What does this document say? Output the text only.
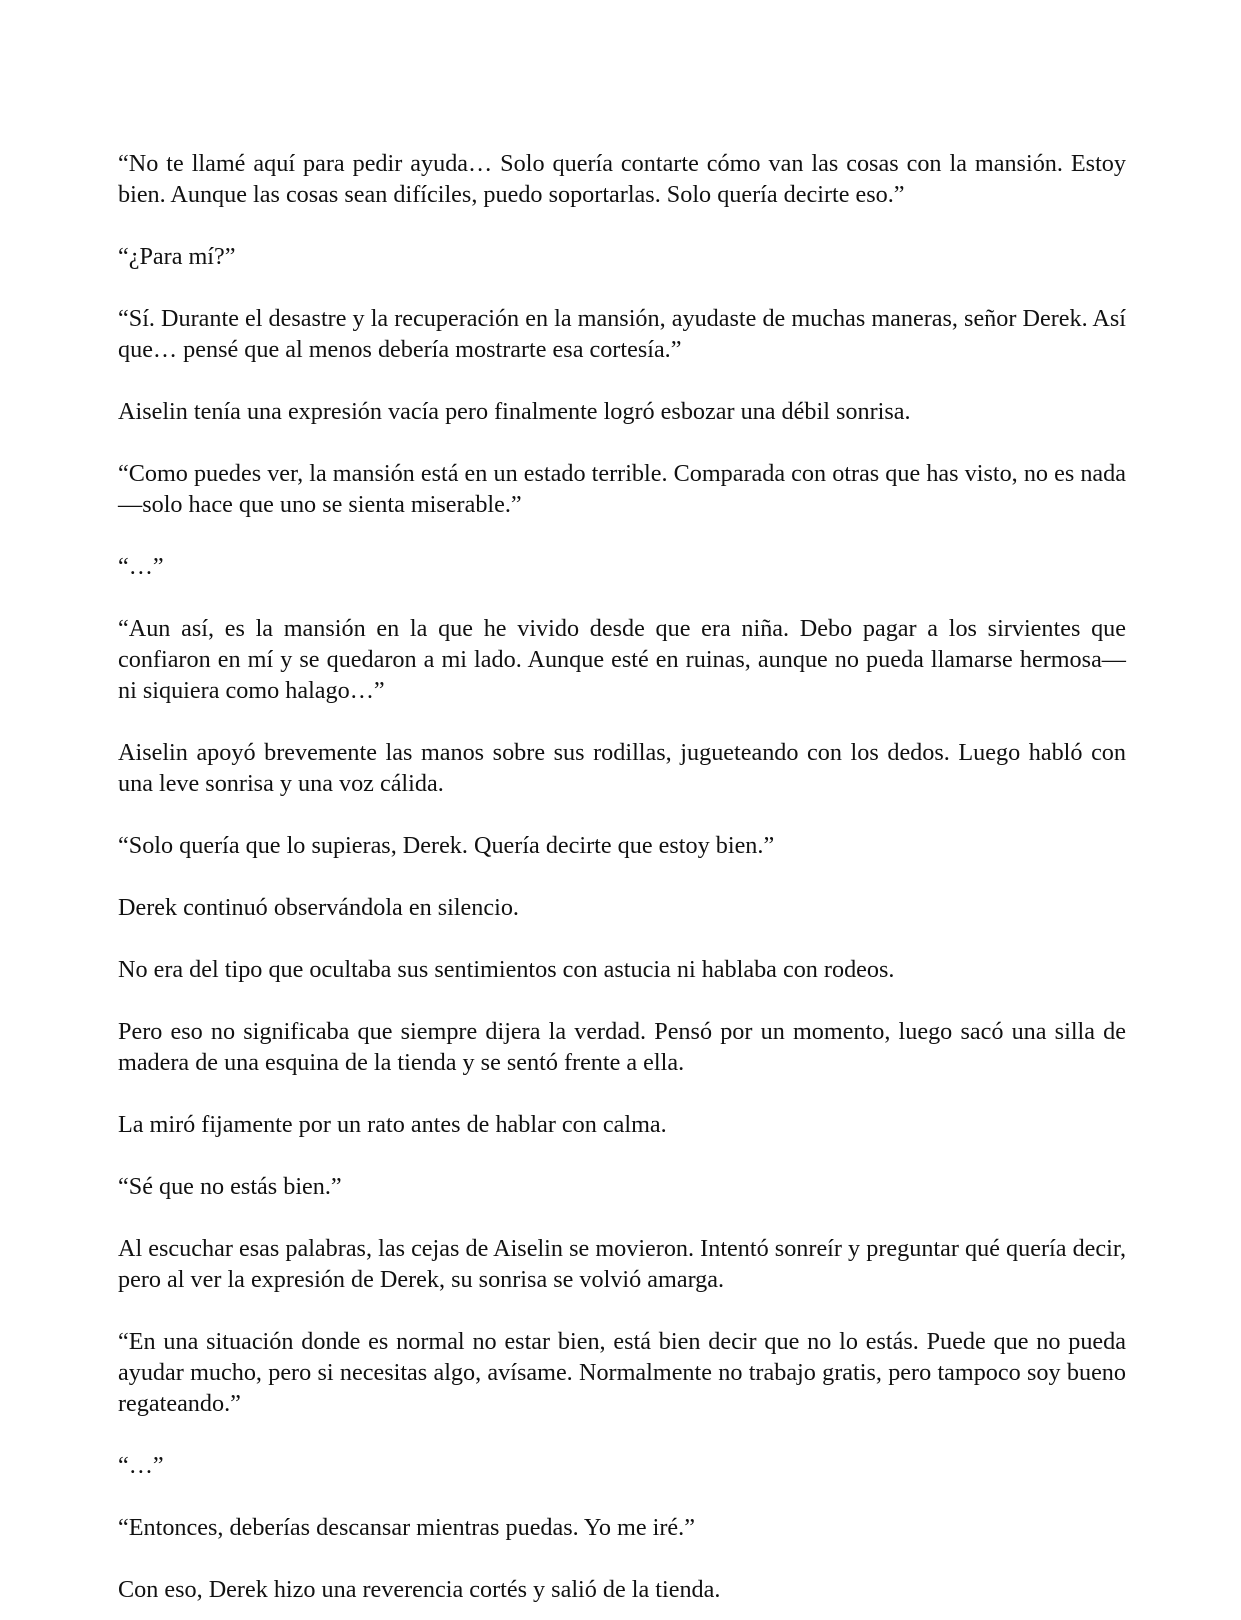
“No te llamé aquí para pedir ayuda… Solo quería contarte cómo van las cosas con la mansión. Estoy bien. Aunque las cosas sean difíciles, puedo soportarlas. Solo quería decirte eso.”

“¿Para mí?”

“Sí. Durante el desastre y la recuperación en la mansión, ayudaste de muchas maneras, señor Derek. Así que… pensé que al menos debería mostrarte esa cortesía.”

Aiselin tenía una expresión vacía pero finalmente logró esbozar una débil sonrisa.

“Como puedes ver, la mansión está en un estado terrible. Comparada con otras que has visto, no es nada—solo hace que uno se sienta miserable.”

“…”

“Aun así, es la mansión en la que he vivido desde que era niña. Debo pagar a los sirvientes que confiaron en mí y se quedaron a mi lado. Aunque esté en ruinas, aunque no pueda llamarse hermosa—ni siquiera como halago…”

Aiselin apoyó brevemente las manos sobre sus rodillas, jugueteando con los dedos. Luego habló con una leve sonrisa y una voz cálida.

“Solo quería que lo supieras, Derek. Quería decirte que estoy bien.”

Derek continuó observándola en silencio.

No era del tipo que ocultaba sus sentimientos con astucia ni hablaba con rodeos.

Pero eso no significaba que siempre dijera la verdad. Pensó por un momento, luego sacó una silla de madera de una esquina de la tienda y se sentó frente a ella.

La miró fijamente por un rato antes de hablar con calma.

“Sé que no estás bien.”

Al escuchar esas palabras, las cejas de Aiselin se movieron. Intentó sonreír y preguntar qué quería decir, pero al ver la expresión de Derek, su sonrisa se volvió amarga.

“En una situación donde es normal no estar bien, está bien decir que no lo estás. Puede que no pueda ayudar mucho, pero si necesitas algo, avísame. Normalmente no trabajo gratis, pero tampoco soy bueno regateando.”

“…”

“Entonces, deberías descansar mientras puedas. Yo me iré.”

Con eso, Derek hizo una reverencia cortés y salió de la tienda.
